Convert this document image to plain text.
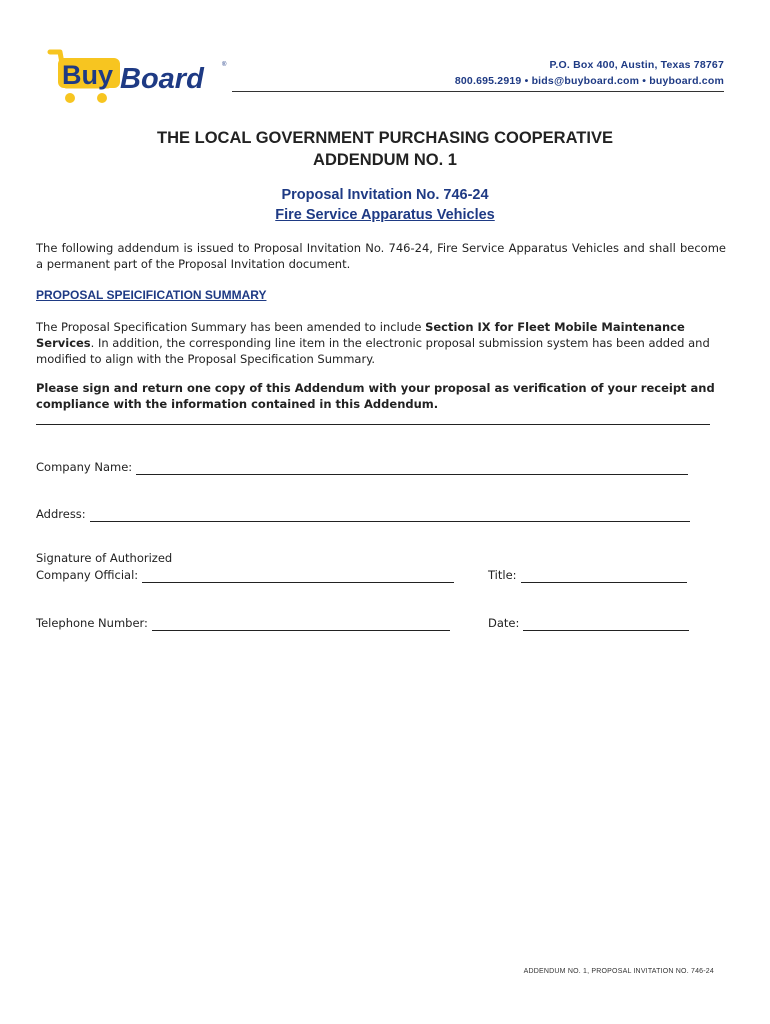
Buy Board	®	P.O. Box 400, Austin, Texas 78767
800.695.2919 • bids@buyboard.com • buyboard.com
THE LOCAL GOVERNMENT PURCHASING COOPERATIVE
ADDENDUM NO. 1
Proposal Invitation No. 746-24
Fire Service Apparatus Vehicles
The following addendum is issued to Proposal Invitation No. 746-24, Fire Service Apparatus Vehicles and shall become a permanent part of the Proposal Invitation document.
PROPOSAL SPEICIFICATION SUMMARY
The Proposal Specification Summary has been amended to include Section IX for Fleet Mobile Maintenance Services. In addition, the corresponding line item in the electronic proposal submission system has been added and modified to align with the Proposal Specification Summary.
Please sign and return one copy of this Addendum with your proposal as verification of your receipt and compliance with the information contained in this Addendum.
Company Name:
Address:
Signature of Authorized
Company Official:	Title:
Telephone Number:	Date:
ADDENDUM NO. 1, PROPOSAL INVITATION NO. 746-24
